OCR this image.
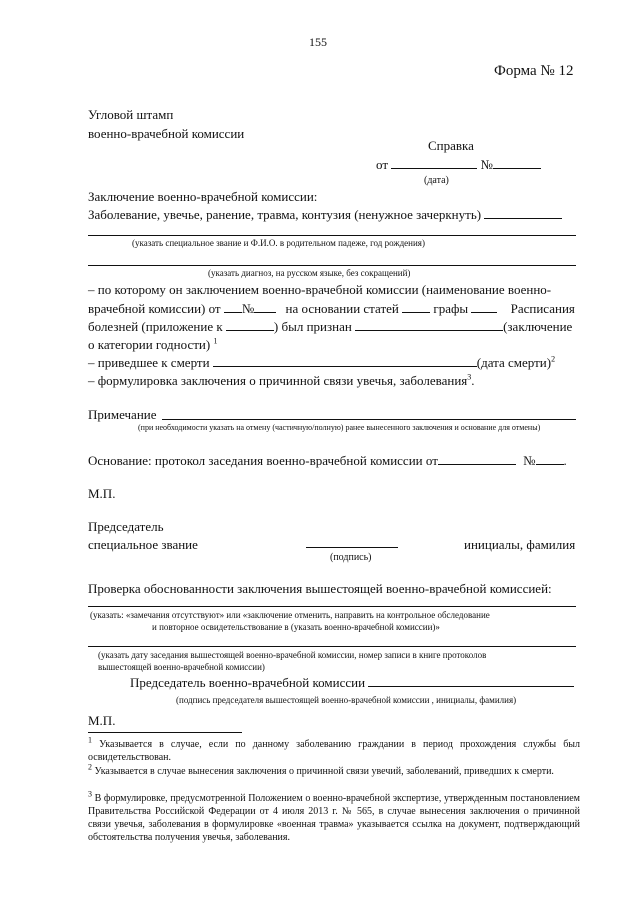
155
Форма № 12
Угловой штамп
военно-врачебной комиссии
Справка
от	№
(дата)
Заключение военно-врачебной комиссии:
Заболевание, увечье, ранение, травма, контузия (ненужное зачеркнуть)
(указать специальное звание и Ф.И.О. в родительном падеже, год рождения)
(указать диагноз, на русском языке, без сокращений)
– по которому он заключением военно-врачебной комиссии (наименование военно-
врачебной комиссии) от № на основании статей	графы	Расписания
болезней (приложение к	) был признан	(заключение
о категории годности) $^1$
– приведшее к смерти	(дата смерти)$^2$
– формулировка заключения о причинной связи увечья, заболевания$^3$.
Примечание
(при необходимости указать на отмену (частичную/полную) ранее вынесенного заключения и основание для отмены)
Основание: протокол заседания военно-врачебной комиссии от	№ .
М.П.
Председатель
специальное звание	инициалы, фамилия
(подпись)
Проверка обоснованности заключения вышестоящей военно-врачебной комиссией:
(указать: «замечания отсутствуют» или «заключение отменить, направить на контрольное обследование
и повторное освидетельствование в (указать военно-врачебной комиссии)»
(указать дату заседания вышестоящей военно-врачебной комиссии, номер записи в книге протоколов
вышестоящей военно-врачебной комиссии)
Председатель военно-врачебной комиссии
(подпись председателя вышестоящей военно-врачебной комиссии , инициалы, фамилия)
М.П.
$^1$ Указывается в случае, если по данному заболеванию граждании в период прохождения службы был освидетельствован.
$^2$ Указывается в случае вынесения заключения о причинной связи увечий, заболеваний, приведших к смерти.
$^3$ В формулировке, предусмотренной Положением о военно-врачебной экспертизе, утвержденным постановлением Правительства Российской Федерации от 4 июля 2013 г. № 565, в случае вынесения заключения о причинной связи увечья, заболевания в формулировке «военная травма» указывается ссылка на документ, подтверждающий обстоятельства получения увечья, заболевания.
